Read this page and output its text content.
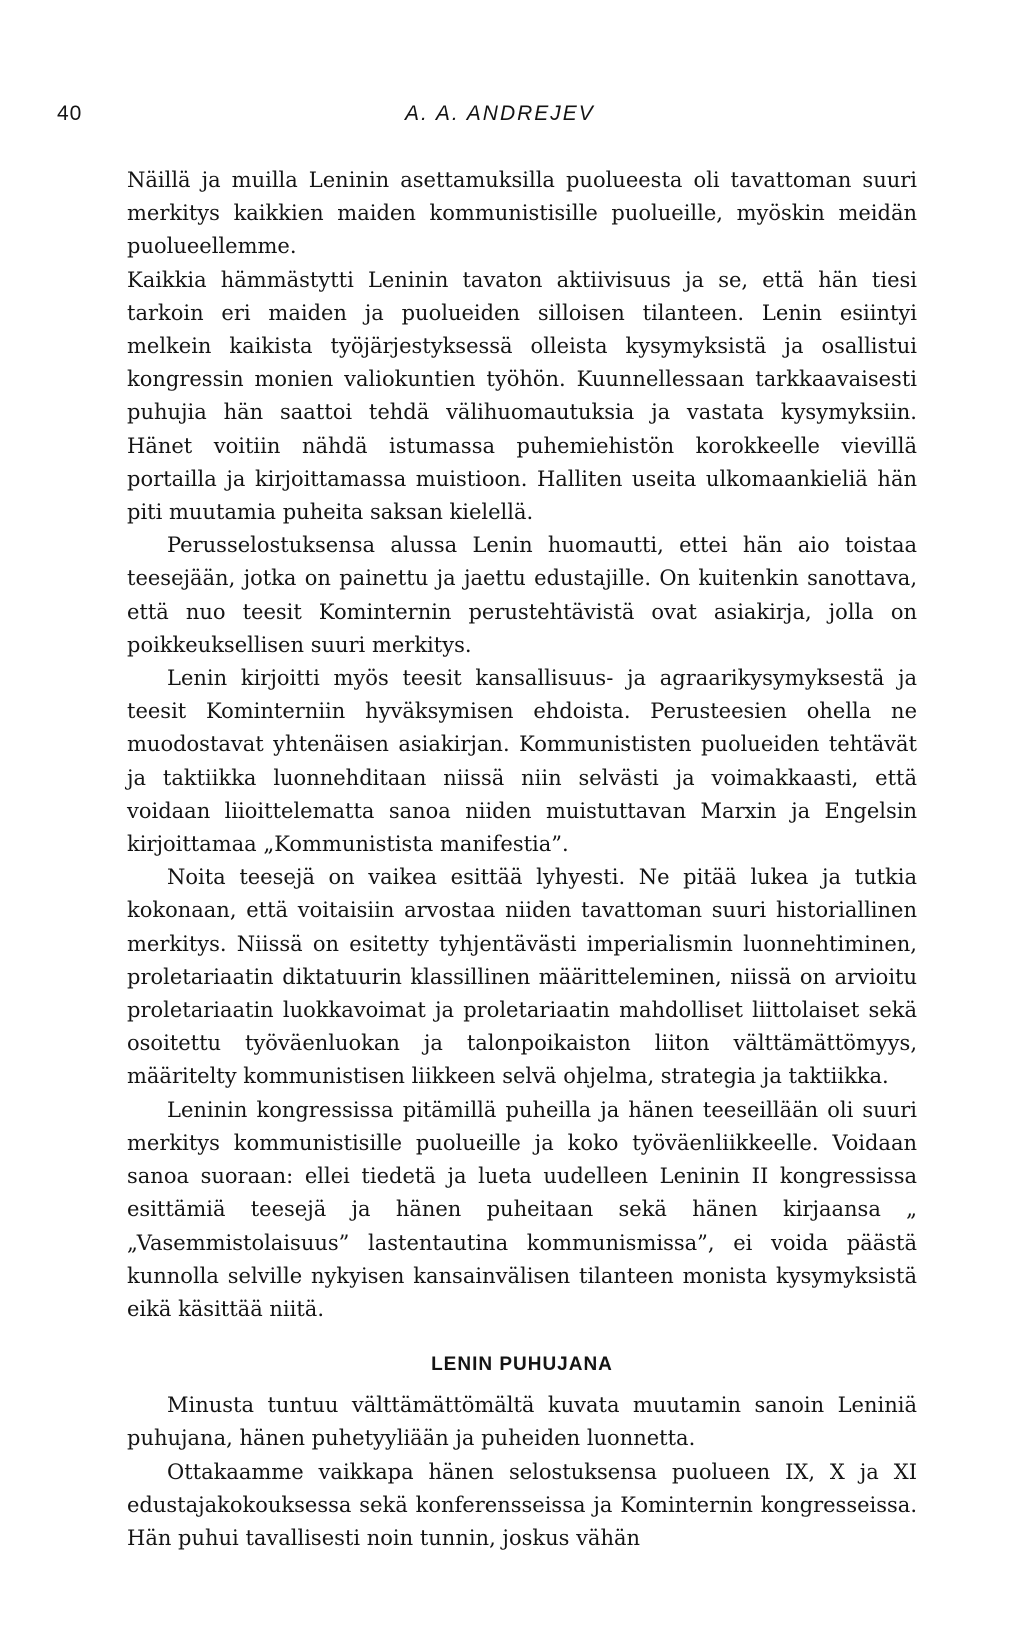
40	A. A. ANDREJEV

Näillä ja muilla Leninin asettamuksilla puolueesta oli tavattoman suuri merkitys kaikkien maiden kommunistisille puolueille, myöskin meidän puolueellemme.

Kaikkia hämmästytti Leninin tavaton aktiivisuus ja se, että hän tiesi tarkoin eri maiden ja puolueiden silloisen tilanteen. Lenin esiintyi melkein kaikista työjärjestyksessä olleista kysymyksistä ja osallistui kongressin monien valiokuntien työhön. Kuunnellessaan tarkkaavaisesti puhujia hän saattoi tehdä välihuomautuksia ja vastata kysymyksiin. Hänet voitiin nähdä istumassa puhemiehistön korokkeelle vievillä portailla ja kirjoittamassa muistioon. Halliten useita ulkomaankieliä hän piti muutamia puheita saksan kielellä.

Perusselostuksensa alussa Lenin huomautti, ettei hän aio toistaa teesejään, jotka on painettu ja jaettu edustajille. On kuitenkin sanottava, että nuo teesit Kominternin perustehtävistä ovat asiakirja, jolla on poikkeuksellisen suuri merkitys.

Lenin kirjoitti myös teesit kansallisuus- ja agraarikysymyksestä ja teesit Kominterniin hyväksymisen ehdoista. Perusteesien ohella ne muodostavat yhtenäisen asiakirjan. Kommunististen puolueiden tehtävät ja taktiikka luonnehditaan niissä niin selvästi ja voimakkaasti, että voidaan liioittelematta sanoa niiden muistuttavan Marxin ja Engelsin kirjoittamaa „Kommunistista manifestia”.

Noita teesejä on vaikea esittää lyhyesti. Ne pitää lukea ja tutkia kokonaan, että voitaisiin arvostaa niiden tavattoman suuri historiallinen merkitys. Niissä on esitetty tyhjentävästi imperialismin luonnehtiminen, proletariaatin diktatuurin klassillinen määritteleminen, niissä on arvioitu proletariaatin luokkavoimat ja proletariaatin mahdolliset liittolaiset sekä osoitettu työväenluokan ja talonpoikaiston liiton välttämättömyys, määritelty kommunistisen liikkeen selvä ohjelma, strategia ja taktiikka.

Leninin kongressissa pitämillä puheilla ja hänen teeseillään oli suuri merkitys kommunistisille puolueille ja koko työväenliikkeelle. Voidaan sanoa suoraan: ellei tiedetä ja lueta uudelleen Leninin II kongressissa esittämiä teesejä ja hänen puheitaan sekä hänen kirjaansa „ „Vasemmistolaisuus” lastentautina kommunismissa”, ei voida päästä kunnolla selville nykyisen kansainvälisen tilanteen monista kysymyksistä eikä käsittää niitä.

LENIN PUHUJANA

Minusta tuntuu välttämättömältä kuvata muutamin sanoin Leniniä puhujana, hänen puhetyyliään ja puheiden luonnetta.

Ottakaamme vaikkapa hänen selostuksensa puolueen IX, X ja XI edustajakokouksessa sekä konferensseissa ja Kominternin kongresseissa. Hän puhui tavallisesti noin tunnin, joskus vähän
